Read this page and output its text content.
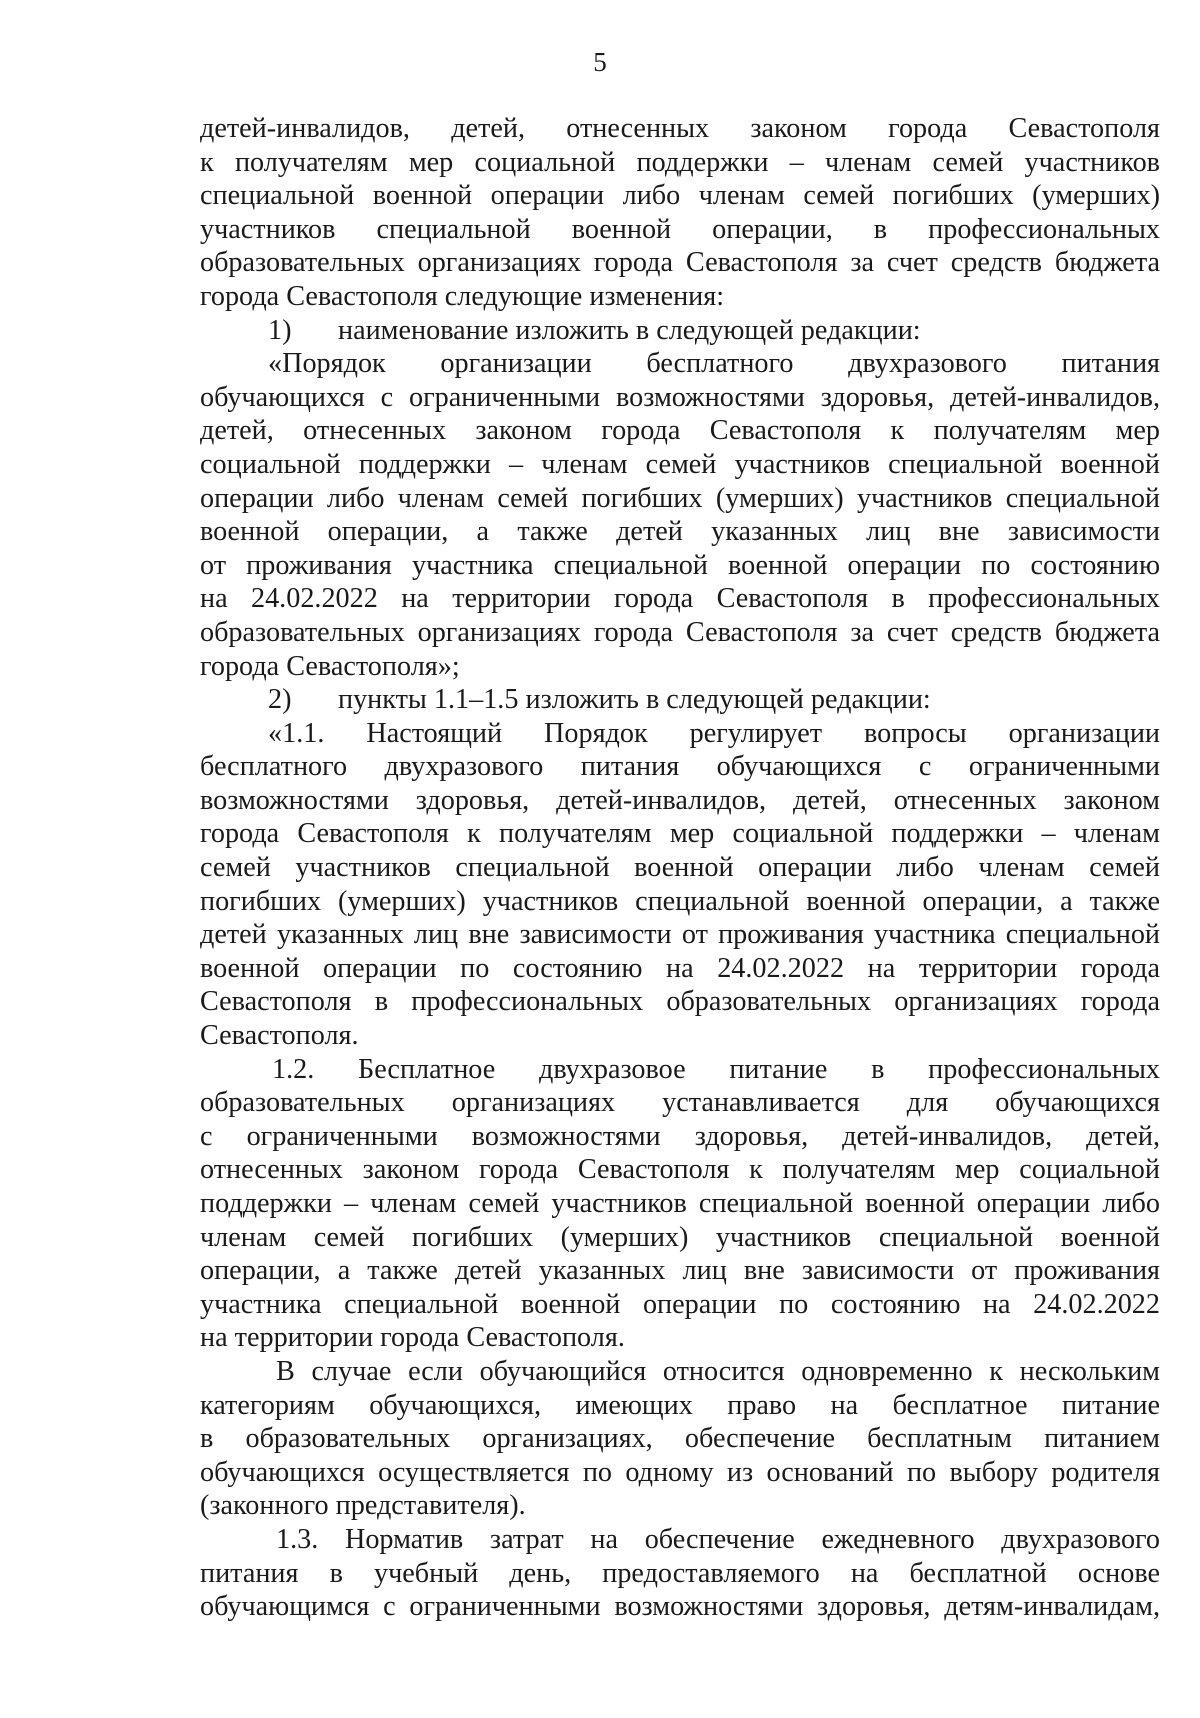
5
детей-инвалидов, детей, отнесенных законом города Севастополя
к получателям мер социальной поддержки – членам семей участников
специальной военной операции либо членам семей погибших (умерших)
участников специальной военной операции, в профессиональных
образовательных организациях города Севастополя за счет средств бюджета
города Севастополя следующие изменения:
1) наименование изложить в следующей редакции:
«Порядок организации бесплатного двухразового питания
обучающихся с ограниченными возможностями здоровья, детей-инвалидов,
детей, отнесенных законом города Севастополя к получателям мер
социальной поддержки – членам семей участников специальной военной
операции либо членам семей погибших (умерших) участников специальной
военной операции, а также детей указанных лиц вне зависимости
от проживания участника специальной военной операции по состоянию
на 24.02.2022 на территории города Севастополя в профессиональных
образовательных организациях города Севастополя за счет средств бюджета
города Севастополя»;
2) пункты 1.1–1.5 изложить в следующей редакции:
«1.1. Настоящий Порядок регулирует вопросы организации
бесплатного двухразового питания обучающихся с ограниченными
возможностями здоровья, детей-инвалидов, детей, отнесенных законом
города Севастополя к получателям мер социальной поддержки – членам
семей участников специальной военной операции либо членам семей
погибших (умерших) участников специальной военной операции, а также
детей указанных лиц вне зависимости от проживания участника специальной
военной операции по состоянию на 24.02.2022 на территории города
Севастополя в профессиональных образовательных организациях города
Севастополя.
1.2. Бесплатное двухразовое питание в профессиональных
образовательных организациях устанавливается для обучающихся
с ограниченными возможностями здоровья, детей-инвалидов, детей,
отнесенных законом города Севастополя к получателям мер социальной
поддержки – членам семей участников специальной военной операции либо
членам семей погибших (умерших) участников специальной военной
операции, а также детей указанных лиц вне зависимости от проживания
участника специальной военной операции по состоянию на 24.02.2022
на территории города Севастополя.
В случае если обучающийся относится одновременно к нескольким
категориям обучающихся, имеющих право на бесплатное питание
в образовательных организациях, обеспечение бесплатным питанием
обучающихся осуществляется по одному из оснований по выбору родителя
(законного представителя).
1.3. Норматив затрат на обеспечение ежедневного двухразового
питания в учебный день, предоставляемого на бесплатной основе
обучающимся с ограниченными возможностями здоровья, детям-инвалидам,
